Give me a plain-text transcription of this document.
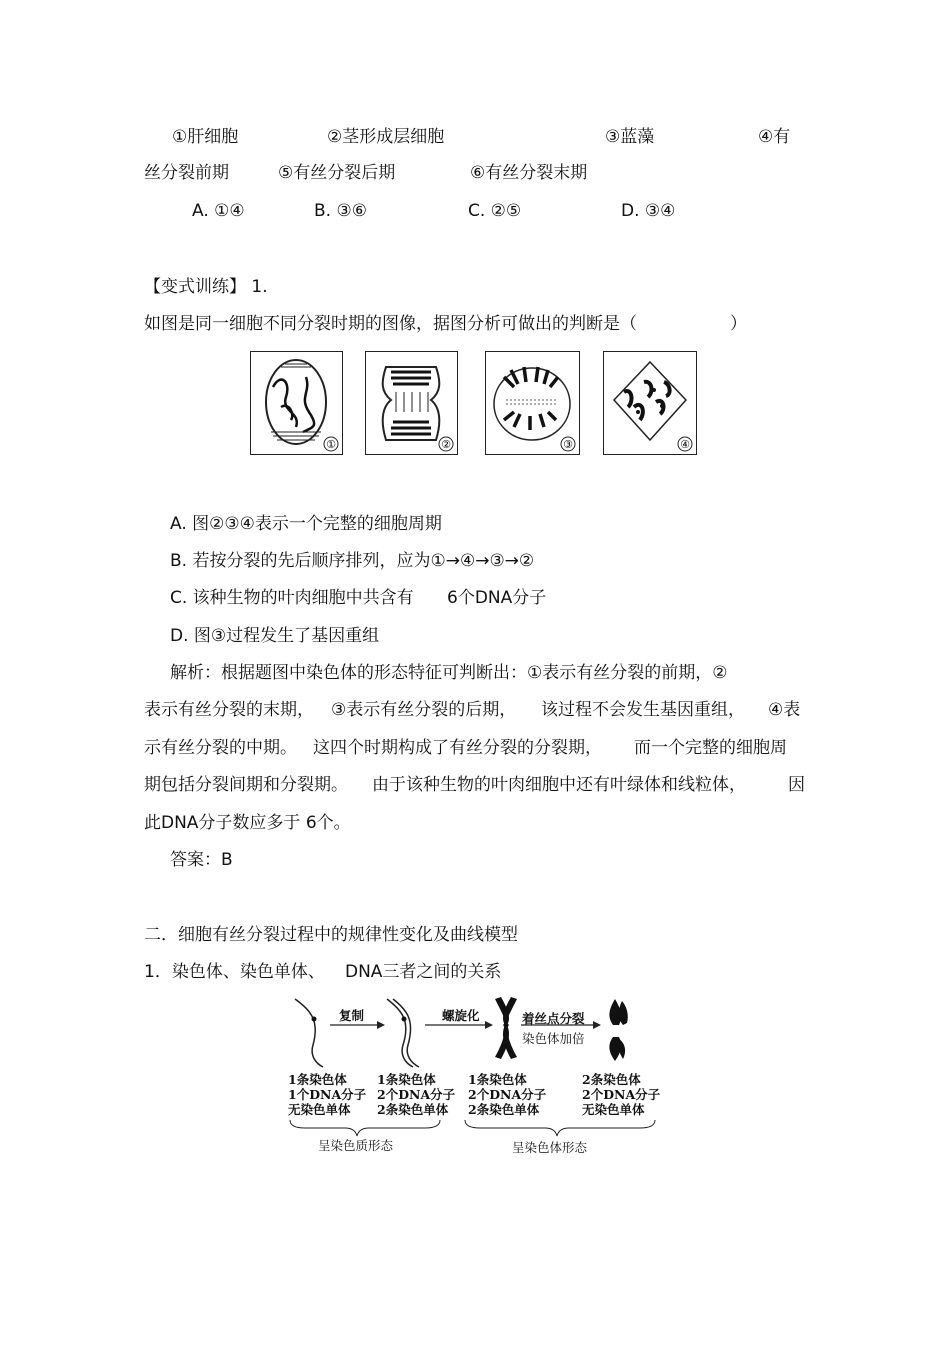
①肝细胞	②茎形成层细胞	③蓝藻	④有
丝分裂前期	⑤有丝分裂后期	⑥有丝分裂末期
A. ①④	B. ③⑥	C. ②⑤	D. ③④
【变式训练】 1.
如图是同一细胞不同分裂时期的图像，据图分析可做出的判断是（	）
①	②	③	④
A. 图②③④表示一个完整的细胞周期
B. 若按分裂的先后顺序排列，应为①→④→③→②
C. 该种生物的叶肉细胞中共含有 6个DNA分子
D. 图③过程发生了基因重组
解析：根据题图中染色体的形态特征可判断出：①表示有丝分裂的前期，②
表示有丝分裂的末期， ③表示有丝分裂的后期， 该过程不会发生基因重组， ④表
示有丝分裂的中期。 这四个时期构成了有丝分裂的分裂期， 而一个完整的细胞周
期包括分裂间期和分裂期。 由于该种生物的叶肉细胞中还有叶绿体和线粒体， 因
此DNA分子数应多于 6个。
答案：B
二．细胞有丝分裂过程中的规律性变化及曲线模型
1．染色体、染色单体、 DNA三者之间的关系
复制	螺旋化	着丝点分裂
染色体加倍
1条染色体
1个DNA分子
无染色单体
1条染色体
2个DNA分子
2条染色单体
1条染色体
2个DNA分子
2条染色单体
2条染色体
2个DNA分子
无染色单体
呈染色质形态	呈染色体形态
